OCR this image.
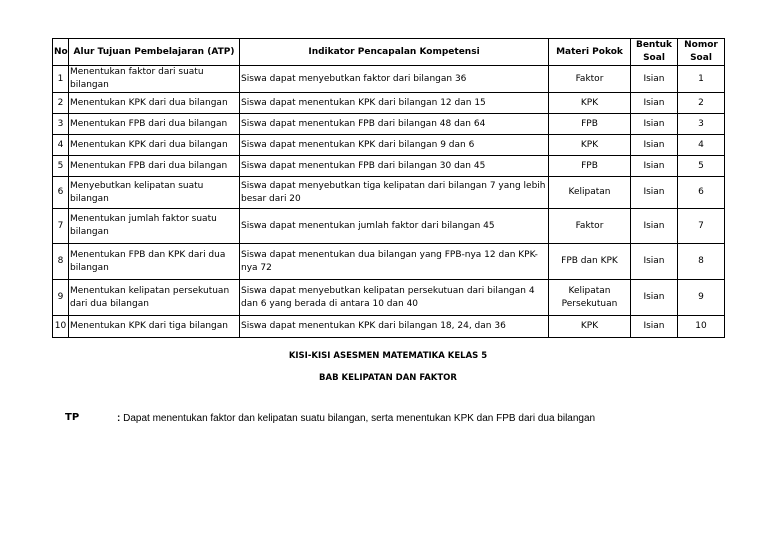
No	Alur Tujuan Pembelajaran (ATP)	Indikator Pencapalan Kompetensi	Materi Pokok	Bentuk Soal	Nomor Soal
1	Menentukan faktor dari suatu bilangan	Siswa dapat menyebutkan faktor dari bilangan 36	Faktor	Isian	1
2	Menentukan KPK dari dua bilangan	Siswa dapat menentukan KPK dari bilangan 12 dan 15	KPK	Isian	2
3	Menentukan FPB dari dua bilangan	Siswa dapat menentukan FPB dari bilangan 48 dan 64	FPB	Isian	3
4	Menentukan KPK dari dua bilangan	Siswa dapat menentukan KPK dari bilangan 9 dan 6	KPK	Isian	4
5	Menentukan FPB dari dua bilangan	Siswa dapat menentukan FPB dari bilangan 30 dan 45	FPB	Isian	5
6	Menyebutkan kelipatan suatu bilangan	Siswa dapat menyebutkan tiga kelipatan dari bilangan 7 yang lebih besar dari 20	Kelipatan	Isian	6
7	Menentukan jumlah faktor suatu bilangan	Siswa dapat menentukan jumlah faktor dari bilangan 45	Faktor	Isian	7
8	Menentukan FPB dan KPK dari dua bilangan	Siswa dapat menentukan dua bilangan yang FPB-nya 12 dan KPK-nya 72	FPB dan KPK	Isian	8
9	Menentukan kelipatan persekutuan dari dua bilangan	Siswa dapat menyebutkan kelipatan persekutuan dari bilangan 4 dan 6 yang berada di antara 10 dan 40	Kelipatan Persekutuan	Isian	9
10	Menentukan KPK dari tiga bilangan	Siswa dapat menentukan KPK dari bilangan 18, 24, dan 36	KPK	Isian	10
KISI-KISI ASESMEN MATEMATIKA KELAS 5
BAB KELIPATAN DAN FAKTOR
TP	: Dapat menentukan faktor dan kelipatan suatu bilangan, serta menentukan KPK dan FPB dari dua bilangan
